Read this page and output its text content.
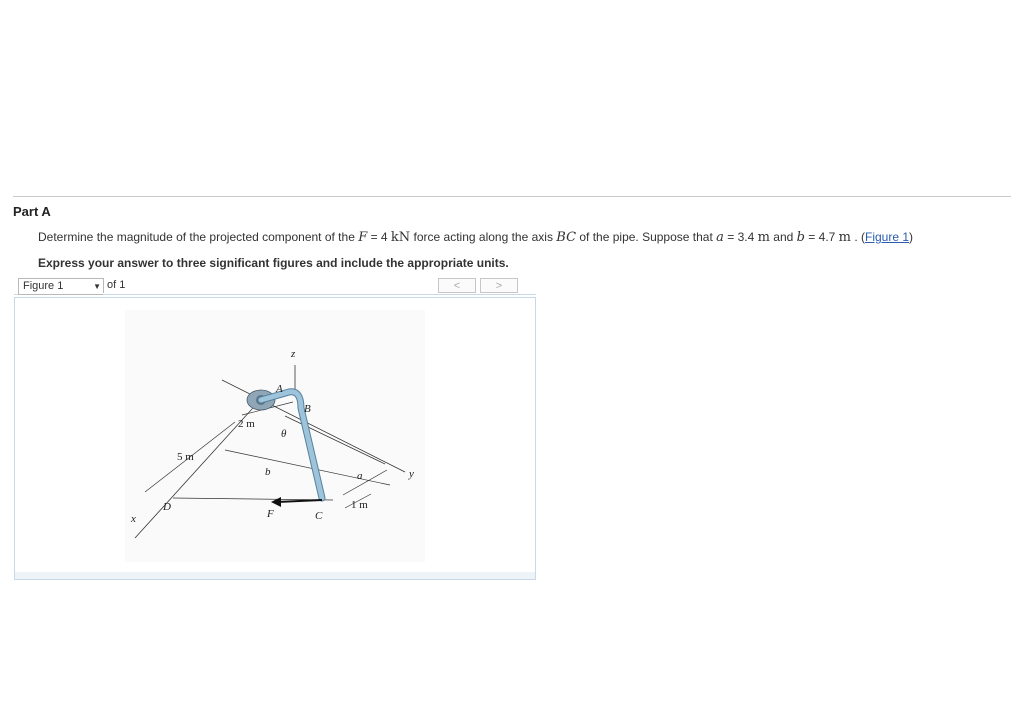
Part A
Determine the magnitude of the projected component of the F = 4 kN force acting along the axis BC of the pipe. Suppose that a = 3.4 m and b = 4.7 m . (Figure 1)
Express your answer to three significant figures and include the appropriate units.
Figure 1	▼ of 1	<	>
z
A
B
2 m
θ
5 m
b	a	y
1 m
D
F	C
x
